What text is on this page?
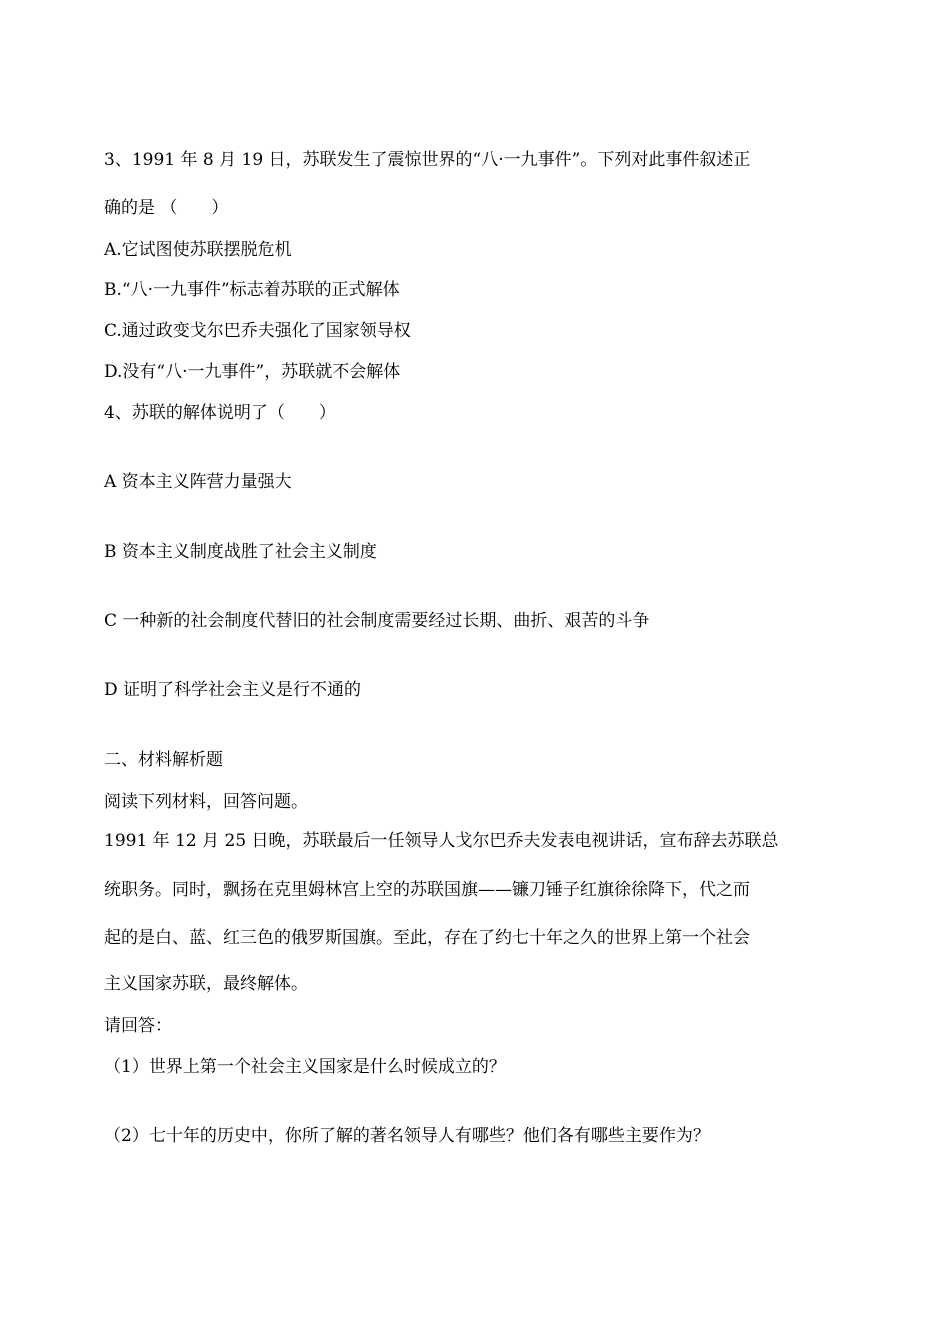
3、1991 年 8 月 19 日，苏联发生了震惊世界的“八·一九事件”。下列对此事件叙述正
确的是 （　　）
A.它试图使苏联摆脱危机
B.“八·一九事件”标志着苏联的正式解体
C.通过政变戈尔巴乔夫强化了国家领导权
D.没有“八·一九事件”，苏联就不会解体
4、苏联的解体说明了（　　）
A 资本主义阵营力量强大
B 资本主义制度战胜了社会主义制度
C 一种新的社会制度代替旧的社会制度需要经过长期、曲折、艰苦的斗争
D 证明了科学社会主义是行不通的
二、材料解析题
阅读下列材料，回答问题。
1991 年 12 月 25 日晚，苏联最后一任领导人戈尔巴乔夫发表电视讲话，宣布辞去苏联总
统职务。同时，飘扬在克里姆林宫上空的苏联国旗——镰刀锤子红旗徐徐降下，代之而
起的是白、蓝、红三色的俄罗斯国旗。至此，存在了约七十年之久的世界上第一个社会
主义国家苏联，最终解体。
请回答：
（1）世界上第一个社会主义国家是什么时候成立的？
（2）七十年的历史中，你所了解的著名领导人有哪些？他们各有哪些主要作为？
